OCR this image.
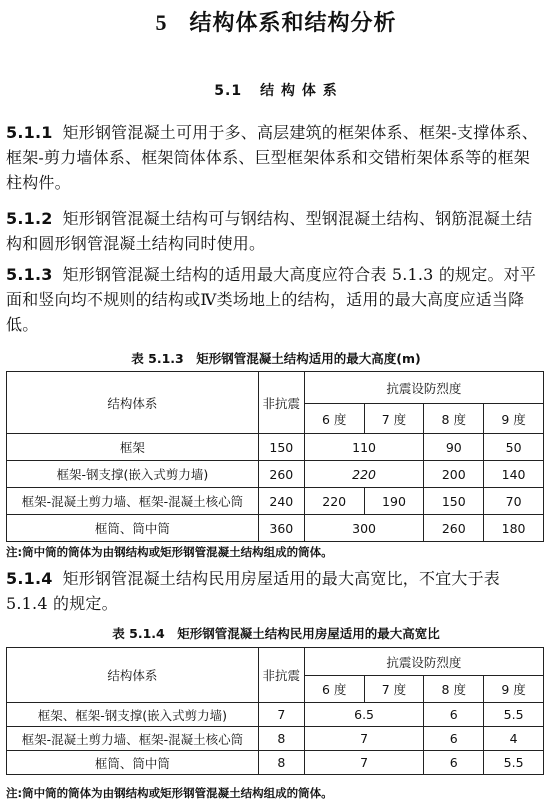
5 结构体系和结构分析
5.1 结 构 体 系
5.1.1 矩形钢管混凝土可用于多、高层建筑的框架体系、框架-支撑体系、框架-剪力墙体系、框架筒体体系、巨型框架体系和交错桁架体系等的框架柱构件。
5.1.2 矩形钢管混凝土结构可与钢结构、型钢混凝土结构、钢筋混凝土结构和圆形钢管混凝土结构同时使用。
5.1.3 矩形钢管混凝土结构的适用最大高度应符合表 5.1.3 的规定。对平面和竖向均不规则的结构或Ⅳ类场地上的结构，适用的最大高度应适当降低。
表 5.1.3　矩形钢管混凝土结构适用的最大高度(m)
结构体系	非抗震	抗震设防烈度			
		6 度	7 度	8 度	9 度
框架	150	110		90	50
框架-钢支撑(嵌入式剪力墙)	260	220		200	140
框架-混凝土剪力墙、框架-混凝土核心筒	240	220	190	150	70
框筒、筒中筒	360	300		260	180
注:筒中筒的筒体为由钢结构或矩形钢管混凝土结构组成的筒体。
5.1.4 矩形钢管混凝土结构民用房屋适用的最大高宽比，不宜大于表 5.1.4 的规定。
表 5.1.4　矩形钢管混凝土结构民用房屋适用的最大高宽比
结构体系	非抗震	抗震设防烈度			
		6 度	7 度	8 度	9 度
框架、框架-钢支撑(嵌入式剪力墙)	7	6.5		6	5.5
框架-混凝土剪力墙、框架-混凝土核心筒	8	7		6	4
框筒、筒中筒	8	7		6	5.5
注:筒中筒的筒体为由钢结构或矩形钢管混凝土结构组成的筒体。
